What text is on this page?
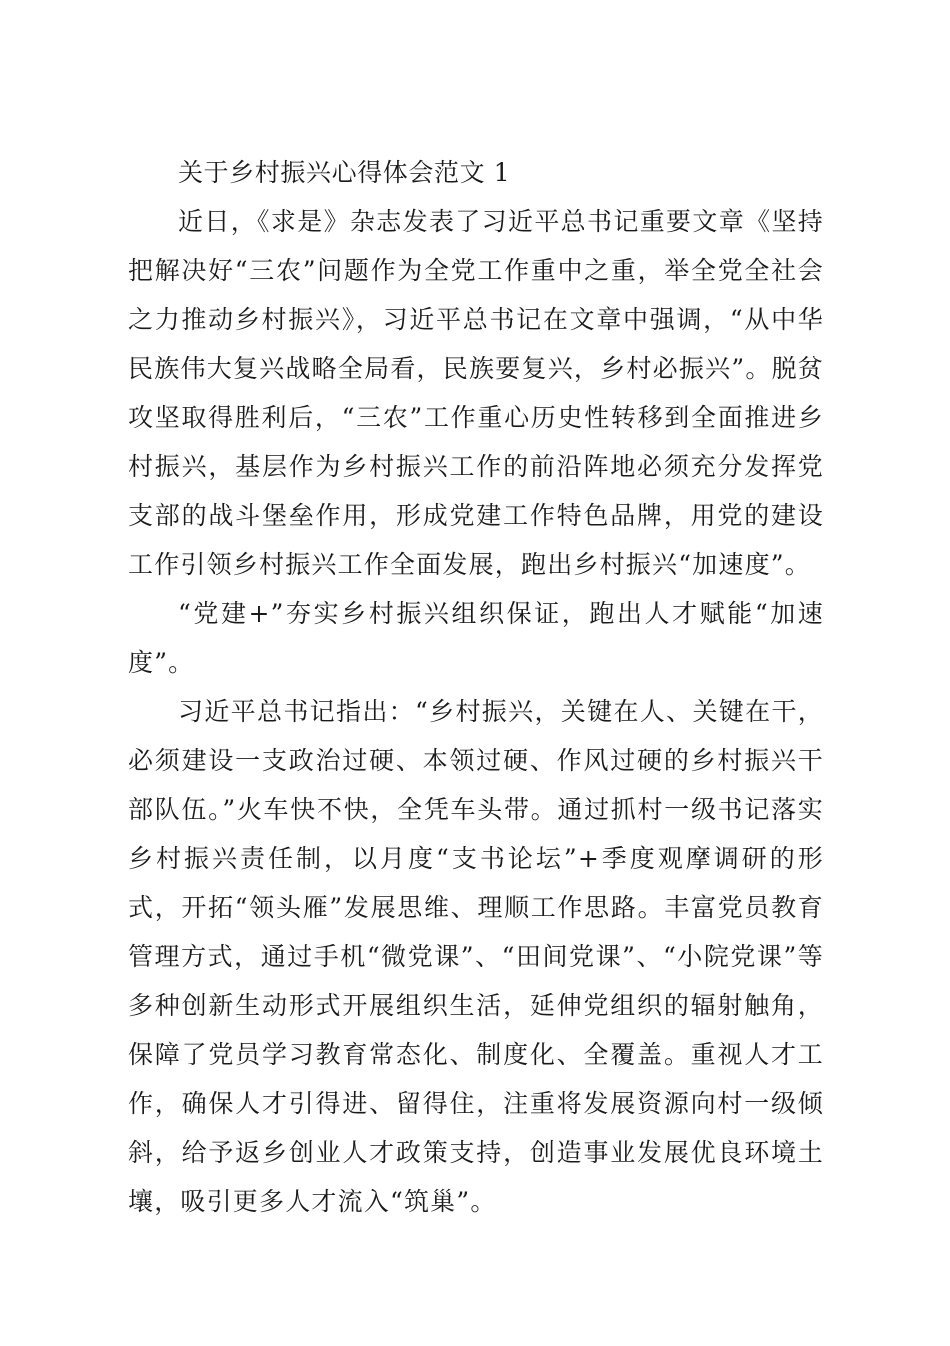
关于乡村振兴心得体会范文 1

近日，《求是》杂志发表了习近平总书记重要文章《坚持把解决好“三农”问题作为全党工作重中之重，举全党全社会之力推动乡村振兴》，习近平总书记在文章中强调，“从中华民族伟大复兴战略全局看，民族要复兴，乡村必振兴”。脱贫攻坚取得胜利后，“三农”工作重心历史性转移到全面推进乡村振兴，基层作为乡村振兴工作的前沿阵地必须充分发挥党支部的战斗堡垒作用，形成党建工作特色品牌，用党的建设工作引领乡村振兴工作全面发展，跑出乡村振兴“加速度”。

“党建+”夯实乡村振兴组织保证，跑出人才赋能“加速度”。

习近平总书记指出：“乡村振兴，关键在人、关键在干，必须建设一支政治过硬、本领过硬、作风过硬的乡村振兴干部队伍。”火车快不快，全凭车头带。通过抓村一级书记落实乡村振兴责任制，以月度“支书论坛”+季度观摩调研的形式，开拓“领头雁”发展思维、理顺工作思路。丰富党员教育管理方式，通过手机“微党课”、“田间党课”、“小院党课”等多种创新生动形式开展组织生活，延伸党组织的辐射触角，保障了党员学习教育常态化、制度化、全覆盖。重视人才工作，确保人才引得进、留得住，注重将发展资源向村一级倾斜，给予返乡创业人才政策支持，创造事业发展优良环境土壤，吸引更多人才流入“筑巢”。
